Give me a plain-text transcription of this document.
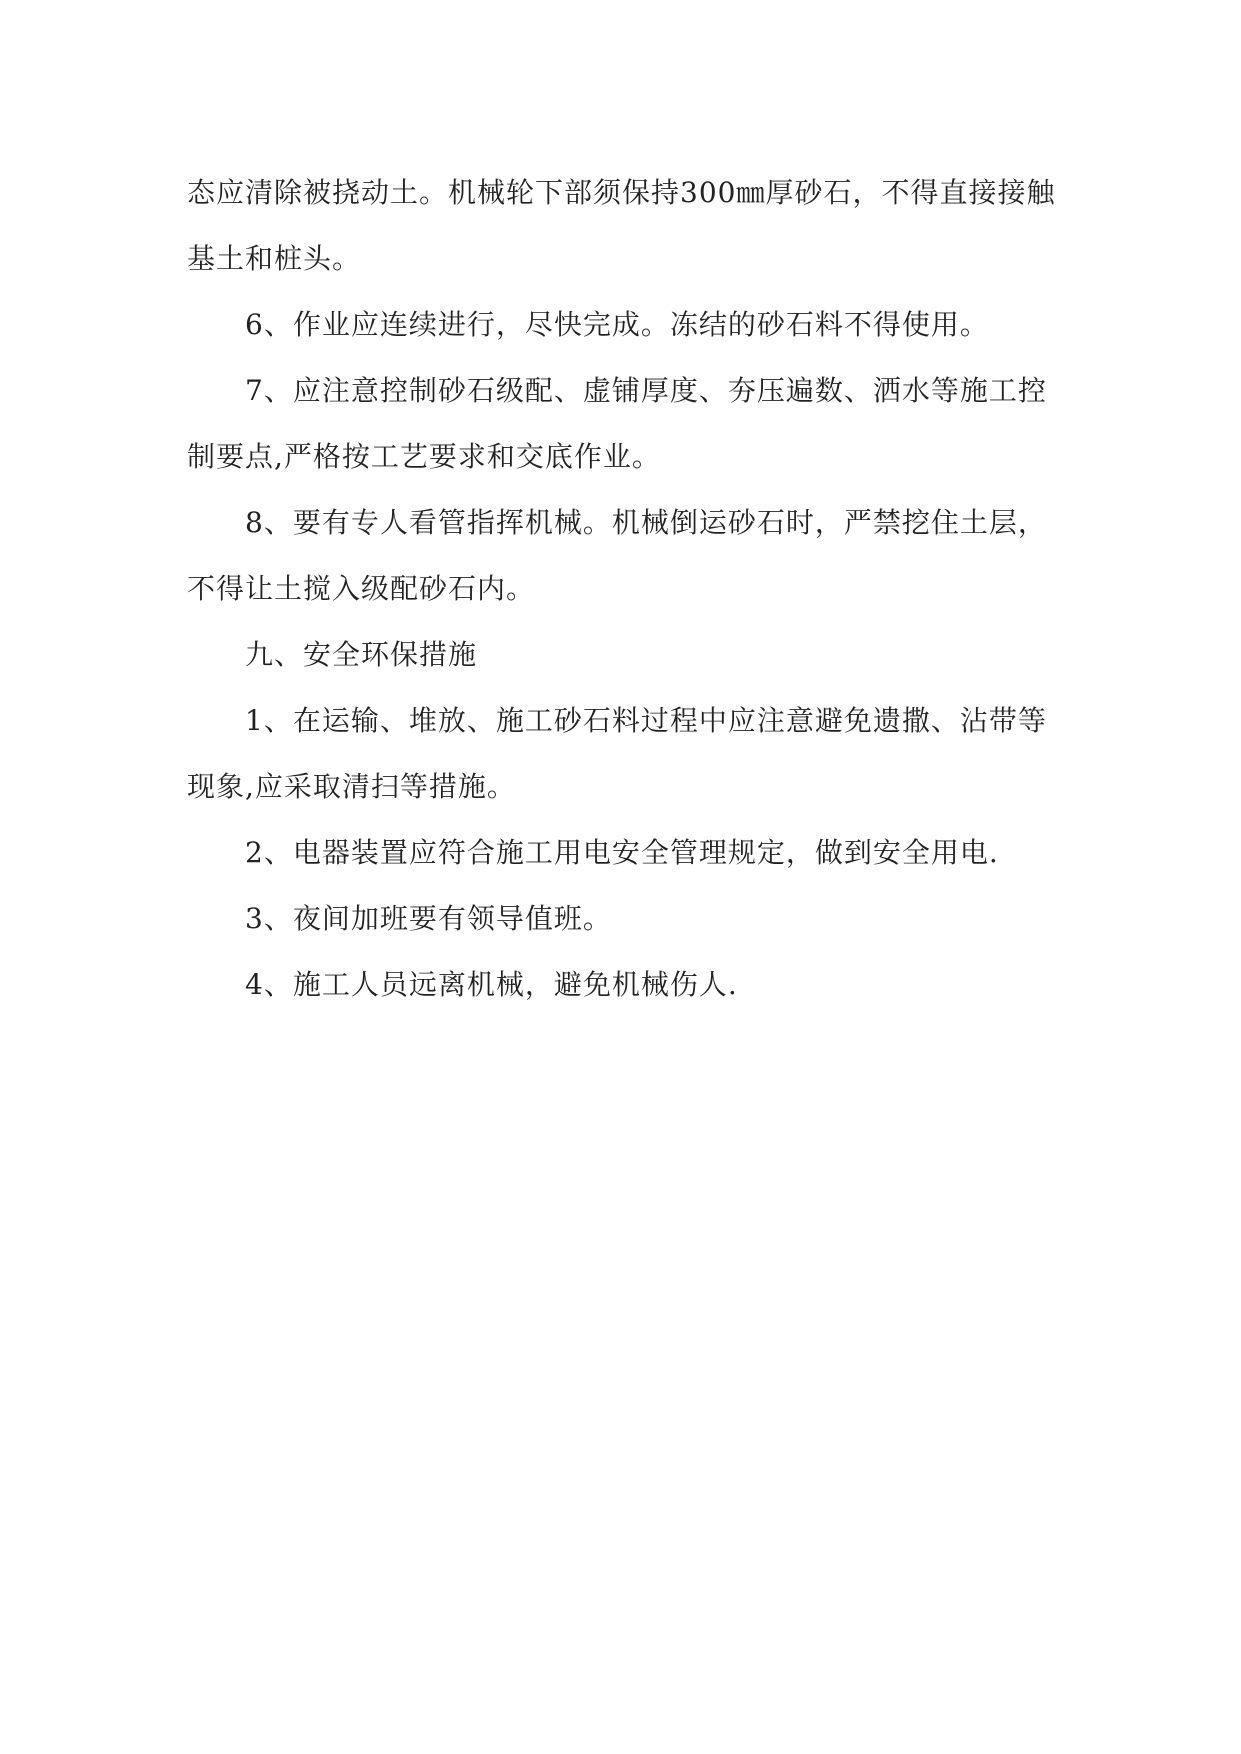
态应清除被挠动土。机械轮下部须保持300㎜厚砂石，不得直接接触基土和桩头。

6、作业应连续进行，尽快完成。冻结的砂石料不得使用。

7、应注意控制砂石级配、虚铺厚度、夯压遍数、洒水等施工控制要点,严格按工艺要求和交底作业。

8、要有专人看管指挥机械。机械倒运砂石时，严禁挖住土层，不得让土搅入级配砂石内。

九、安全环保措施

1、在运输、堆放、施工砂石料过程中应注意避免遗撒、沾带等现象,应采取清扫等措施。

2、电器装置应符合施工用电安全管理规定，做到安全用电.

3、夜间加班要有领导值班。

4、施工人员远离机械，避免机械伤人.
